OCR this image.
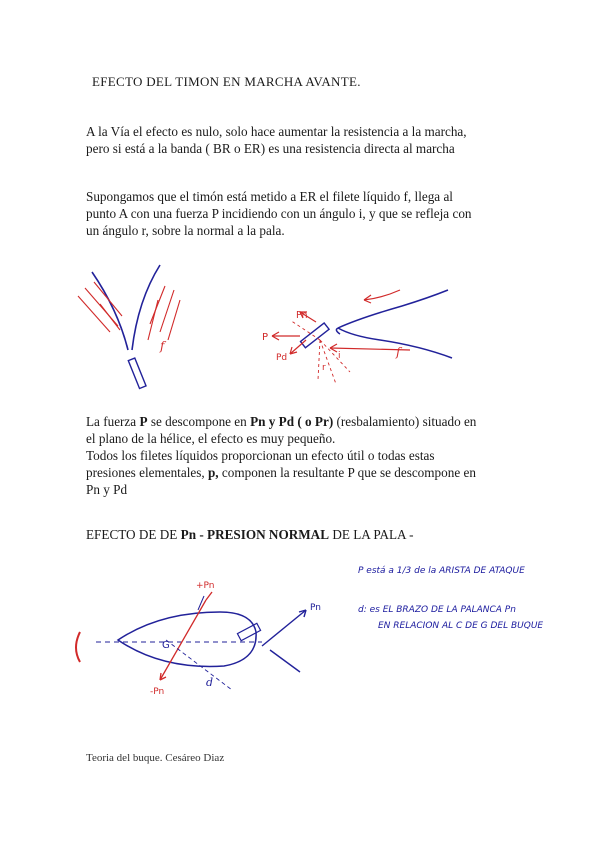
EFECTO DEL TIMON EN MARCHA AVANTE.
A la Vía el efecto es nulo, solo hace aumentar la resistencia a la marcha,
pero si está a la banda ( BR o ER) es una resistencia directa al marcha
Supongamos que el timón está metido a ER el filete líquido f, llega al
punto A con una fuerza P incidiendo con un ángulo i, y que se refleja con
un ángulo r, sobre la normal a la pala.
f
Pn
P
Pd	i
r
f
La fuerza P se descompone en Pn y Pd ( o Pr) (resbalamiento) situado en
el plano de la hélice, el efecto es muy pequeño.
Todos los filetes líquidos proporcionan un efecto útil o todas estas
presiones elementales, p, componen la resultante P que se descompone en
Pn y Pd
EFECTO DE DE Pn - PRESION NORMAL DE LA PALA -
+Pn
-Pn
Pn
G
d
P está a 1/3 de la ARISTA DE ATAQUE
d: es EL BRAZO DE LA PALANCA Pn
EN RELACION AL C DE G DEL BUQUE
Teoria del buque. Cesáreo Diaz
